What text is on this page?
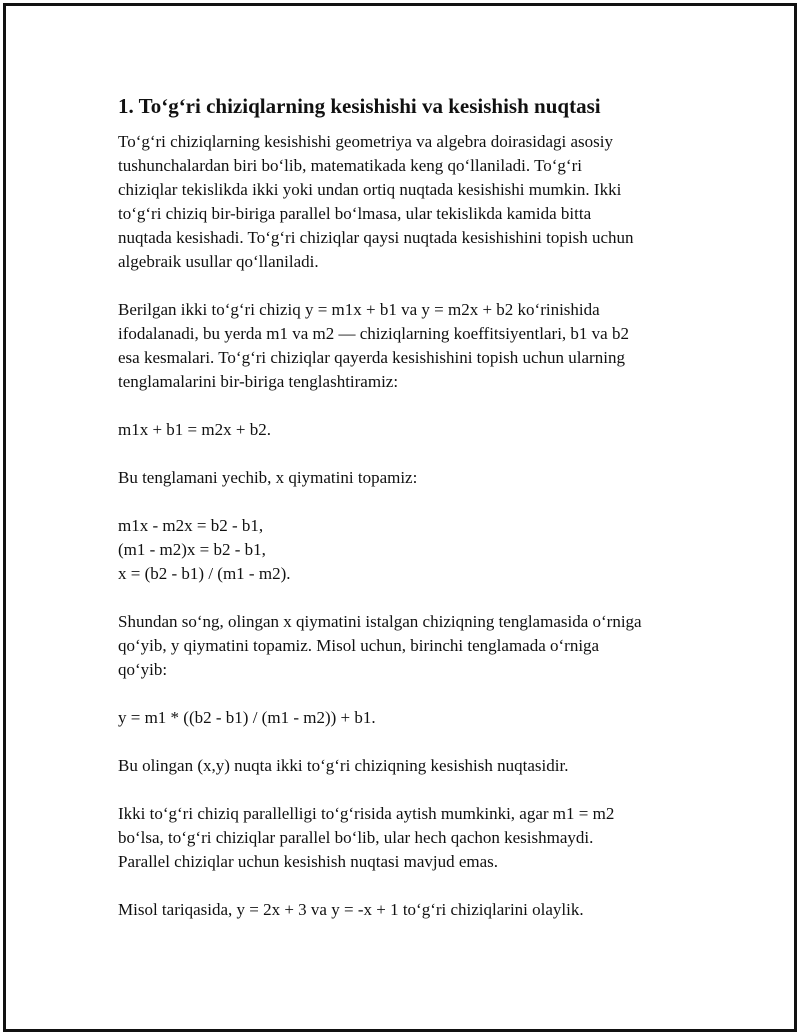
1. To‘g‘ri chiziqlarning kesishishi va kesishish nuqtasi

To‘g‘ri chiziqlarning kesishishi geometriya va algebra doirasidagi asosiy
tushunchalardan biri bo‘lib, matematikada keng qo‘llaniladi. To‘g‘ri
chiziqlar tekislikda ikki yoki undan ortiq nuqtada kesishishi mumkin. Ikki
to‘g‘ri chiziq bir-biriga parallel bo‘lmasa, ular tekislikda kamida bitta
nuqtada kesishadi. To‘g‘ri chiziqlar qaysi nuqtada kesishishini topish uchun
algebraik usullar qo‘llaniladi.

Berilgan ikki to‘g‘ri chiziq y = m1x + b1 va y = m2x + b2 ko‘rinishida
ifodalanadi, bu yerda m1 va m2 — chiziqlarning koeffitsiyentlari, b1 va b2
esa kesmalari. To‘g‘ri chiziqlar qayerda kesishishini topish uchun ularning
tenglamalarini bir-biriga tenglashtiramiz:

m1x + b1 = m2x + b2.

Bu tenglamani yechib, x qiymatini topamiz:

m1x - m2x = b2 - b1,
(m1 - m2)x = b2 - b1,
x = (b2 - b1) / (m1 - m2).

Shundan so‘ng, olingan x qiymatini istalgan chiziqning tenglamasida o‘rniga
qo‘yib, y qiymatini topamiz. Misol uchun, birinchi tenglamada o‘rniga
qo‘yib:

y = m1 * ((b2 - b1) / (m1 - m2)) + b1.

Bu olingan (x,y) nuqta ikki to‘g‘ri chiziqning kesishish nuqtasidir.

Ikki to‘g‘ri chiziq parallelligi to‘g‘risida aytish mumkinki, agar m1 = m2
bo‘lsa, to‘g‘ri chiziqlar parallel bo‘lib, ular hech qachon kesishmaydi.
Parallel chiziqlar uchun kesishish nuqtasi mavjud emas.

Misol tariqasida, y = 2x + 3 va y = -x + 1 to‘g‘ri chiziqlarini olaylik.
